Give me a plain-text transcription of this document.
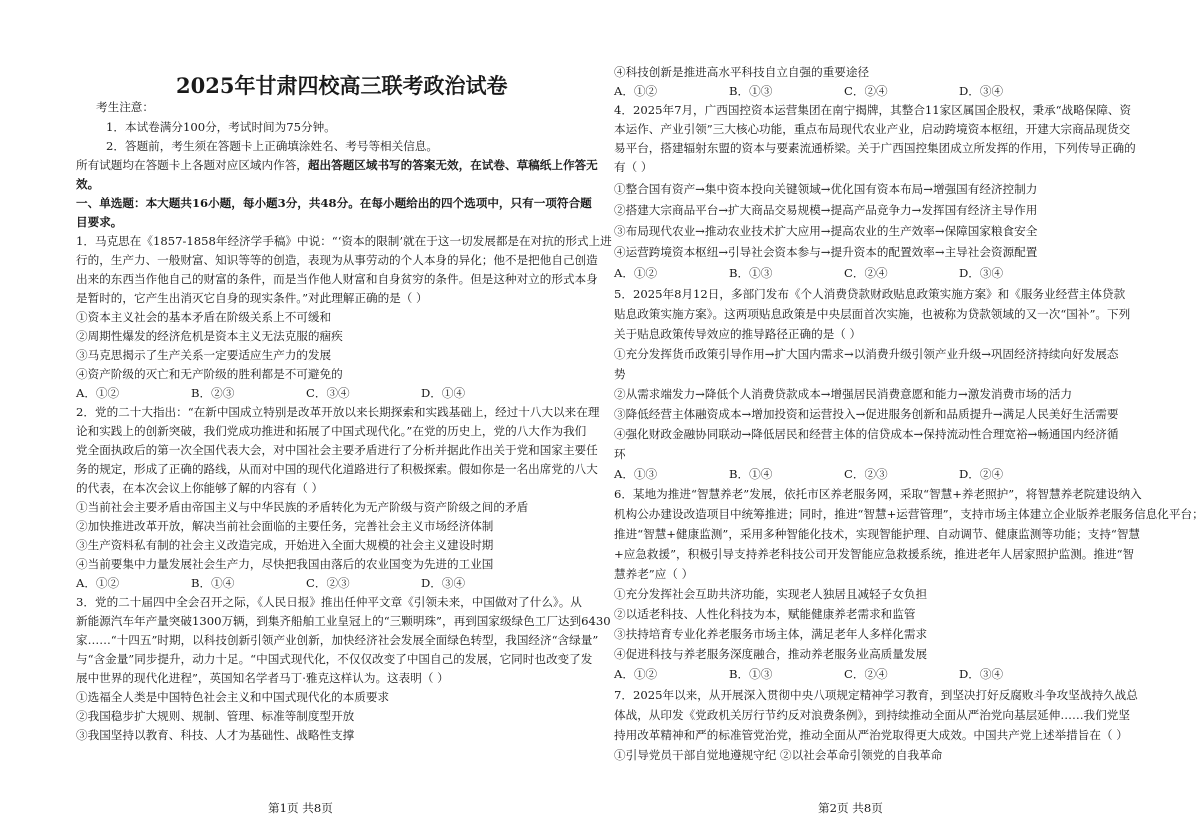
2025年甘肃四校高三联考政治试卷
考生注意：
1．本试卷满分100分，考试时间为75分钟。
2．答题前，考生须在答题卡上正确填涂姓名、考号等相关信息。
所有试题均在答题卡上各题对应区域内作答，超出答题区域书写的答案无效，在试卷、草稿纸上作答无
效。
一、单选题：本大题共16小题，每小题3分，共48分。在每小题给出的四个选项中，只有一项符合题
目要求。
1．马克思在《1857-1858年经济学手稿》中说：“‘资本的限制’就在于这一切发展都是在对抗的形式上进
行的，生产力、一般财富、知识等等的创造，表现为从事劳动的个人本身的异化；他不是把他自己创造
出来的东西当作他自己的财富的条件，而是当作他人财富和自身贫穷的条件。但是这种对立的形式本身
是暂时的，它产生出消灭它自身的现实条件。”对此理解正确的是（ ）
①资本主义社会的基本矛盾在阶级关系上不可缓和
②周期性爆发的经济危机是资本主义无法克服的痼疾
③马克思揭示了生产关系一定要适应生产力的发展
④资产阶级的灭亡和无产阶级的胜利都是不可避免的
A．①②	B．②③	C．③④	D．①④
2．党的二十大指出：“在新中国成立特别是改革开放以来长期探索和实践基础上，经过十八大以来在理
论和实践上的创新突破，我们党成功推进和拓展了中国式现代化。”在党的历史上，党的八大作为我们
党全面执政后的第一次全国代表大会，对中国社会主要矛盾进行了分析并据此作出关于党和国家主要任
务的规定，形成了正确的路线，从而对中国的现代化道路进行了积极探索。假如你是一名出席党的八大
的代表，在本次会议上你能够了解的内容有（ ）
①当前社会主要矛盾由帝国主义与中华民族的矛盾转化为无产阶级与资产阶级之间的矛盾
②加快推进改革开放，解决当前社会面临的主要任务，完善社会主义市场经济体制
③生产资料私有制的社会主义改造完成，开始进入全面大规模的社会主义建设时期
④当前要集中力量发展社会生产力，尽快把我国由落后的农业国变为先进的工业国
A．①②	B．①④	C．②③	D．③④
3．党的二十届四中全会召开之际，《人民日报》推出任仲平文章《引领未来，中国做对了什么》。从
新能源汽车年产量突破1300万辆，到集齐船舶工业皇冠上的“三颗明珠”，再到国家级绿色工厂达到6430
家……“十四五”时期，以科技创新引领产业创新，加快经济社会发展全面绿色转型，我国经济“含绿量”
与“含金量”同步提升，动力十足。“中国式现代化，不仅仅改变了中国自己的发展，它同时也改变了发
展中世界的现代化进程”，英国知名学者马丁·雅克这样认为。这表明（ ）
①选福全人类是中国特色社会主义和中国式现代化的本质要求
②我国稳步扩大规则、规制、管理、标准等制度型开放
③我国坚持以教育、科技、人才为基础性、战略性支撑
第1页 共8页
④科技创新是推进高水平科技自立自强的重要途径
A．①②	B．①③	C．②④	D．③④
4．2025年7月，广西国控资本运营集团在南宁揭牌，其整合11家区属国企股权，秉承“战略保障、资
本运作、产业引领”三大核心功能，重点布局现代农业产业，启动跨境资本枢纽，开建大宗商品现货交
易平台，搭建辐射东盟的资本与要素流通桥梁。关于广西国控集团成立所发挥的作用，下列传导正确的
有（ ）
①整合国有资产→集中资本投向关键领域→优化国有资本布局→增强国有经济控制力
②搭建大宗商品平台→扩大商品交易规模→提高产品竞争力→发挥国有经济主导作用
③布局现代农业→推动农业技术扩大应用→提高农业的生产效率→保障国家粮食安全
④运营跨境资本枢纽→引导社会资本参与→提升资本的配置效率→主导社会资源配置
A．①②	B．①③	C．②④	D．③④
5．2025年8月12日，多部门发布《个人消费贷款财政贴息政策实施方案》和《服务业经营主体贷款
贴息政策实施方案》。这两项贴息政策是中央层面首次实施，也被称为贷款领域的又一次“国补”。下列
关于贴息政策传导效应的推导路径正确的是（ ）
①充分发挥货币政策引导作用→扩大国内需求→以消费升级引领产业升级→巩固经济持续向好发展态
势
②从需求端发力→降低个人消费贷款成本→增强居民消费意愿和能力→激发消费市场的活力
③降低经营主体融资成本→增加投资和运营投入→促进服务创新和品质提升→满足人民美好生活需要
④强化财政金融协同联动→降低居民和经营主体的信贷成本→保持流动性合理宽裕→畅通国内经济循
环
A．①③	B．①④	C．②③	D．②④
6．某地为推进“智慧养老”发展，依托市区养老服务网，采取“智慧+养老照护”，将智慧养老院建设纳入
机构公办建设改造项目中统筹推进；同时，推进“智慧+运营管理”，支持市场主体建立企业版养老服务信息化平台；
推进“智慧+健康监测”，采用多种智能化技术，实现智能护理、自动调节、健康监测等功能；支持“智慧
+应急救援”，积极引导支持养老科技公司开发智能应急救援系统，推进老年人居家照护监测。推进“智
慧养老”应（ ）
①充分发挥社会互助共济功能，实现老人独居且减轻子女负担
②以适老科技、人性化科技为本，赋能健康养老需求和监管
③扶持培育专业化养老服务市场主体，满足老年人多样化需求
④促进科技与养老服务深度融合，推动养老服务业高质量发展
A．①②	B．①③	C．②④	D．③④
7．2025年以来，从开展深入贯彻中央八项规定精神学习教育，到坚决打好反腐败斗争攻坚战持久战总
体战，从印发《党政机关厉行节约反对浪费条例》，到持续推动全面从严治党向基层延伸……我们党坚
持用改革精神和严的标准管党治党，推动全面从严治党取得更大成效。中国共产党上述举措旨在（ ）
①引导党员干部自觉地遵规守纪 ②以社会革命引领党的自我革命
第2页 共8页
